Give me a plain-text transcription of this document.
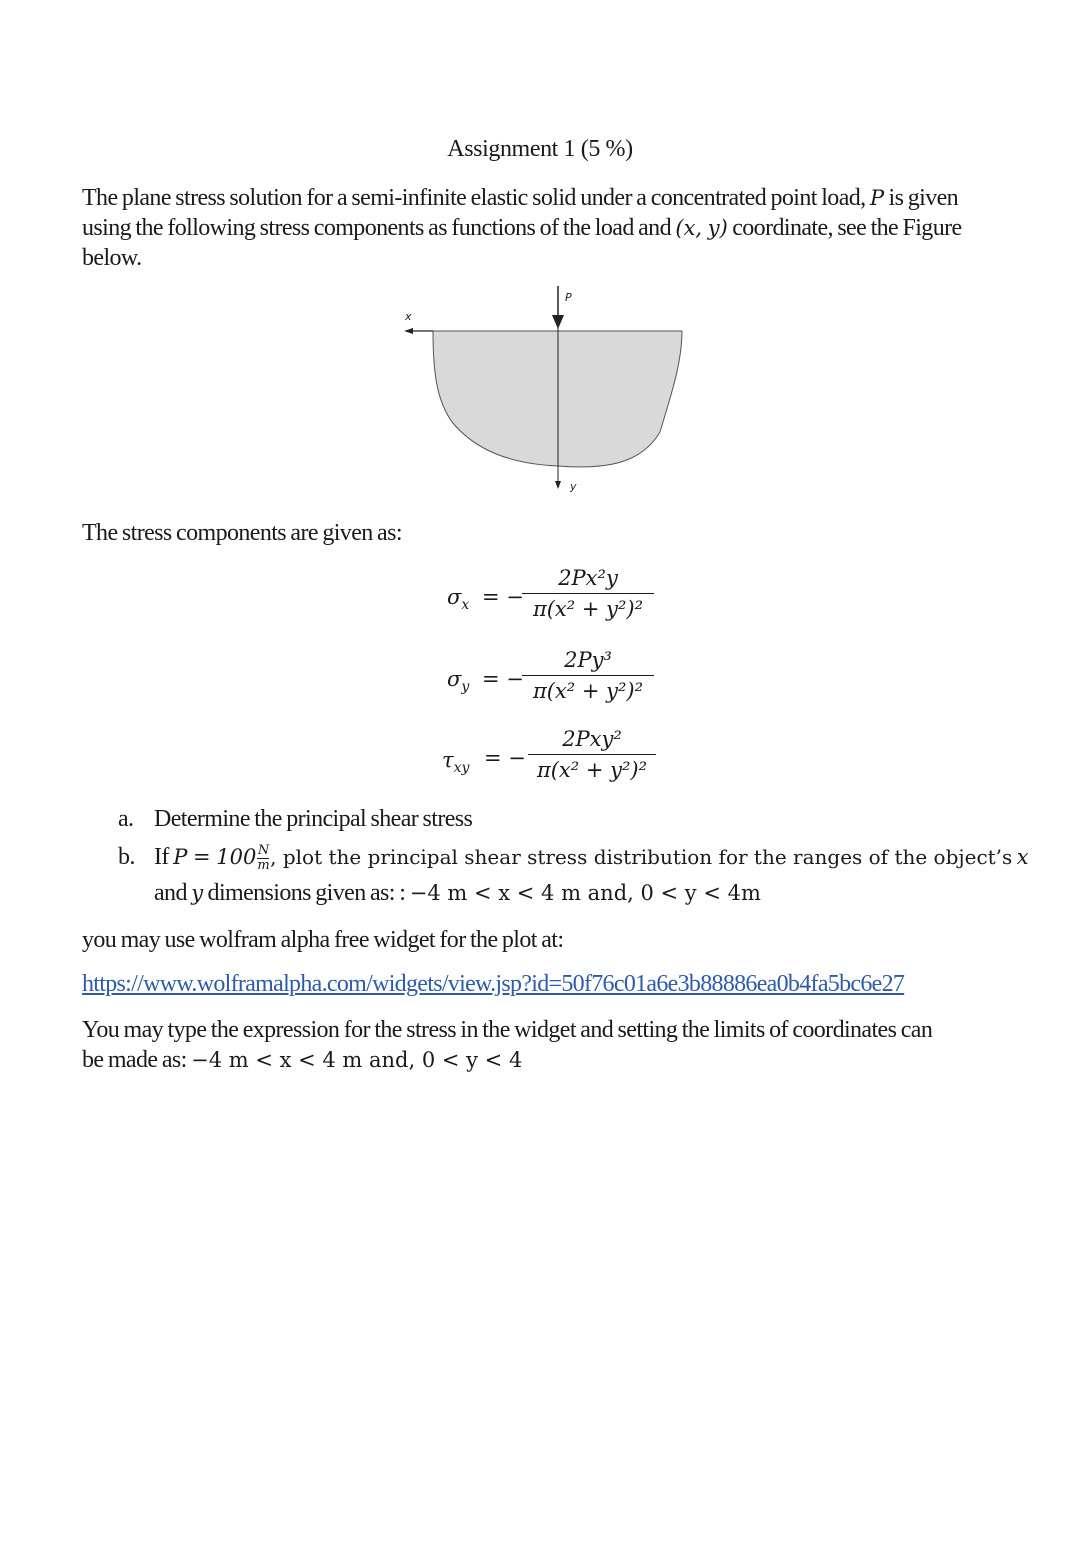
Assignment 1 (5 %)
The plane stress solution for a semi-infinite elastic solid under a concentrated point load, P is given
using the following stress components as functions of the load and (x, y) coordinate, see the Figure
below.
x
y
P
The stress components are given as:
$\sigma_x$ = −
2Px²y
π(x² + y²)²
$\sigma_y$ = −
2Py³
π(x² + y²)²
$\tau_{xy}$ = −
2Pxy²
π(x² + y²)²
a. Determine the principal shear stress
b. If $P = 100 \frac{N}{m}$ , plot the principal shear stress distribution for the ranges of the object’s x
and y dimensions given as: : −4 m < x < 4 m and, 0 < y < 4m
you may use wolfram alpha free widget for the plot at:
https://www.wolframalpha.com/widgets/view.jsp?id=50f76c01a6e3b88886ea0b4fa5bc6e27
You may type the expression for the stress in the widget and setting the limits of coordinates can
be made as: −4 m < x < 4 m and, 0 < y < 4
